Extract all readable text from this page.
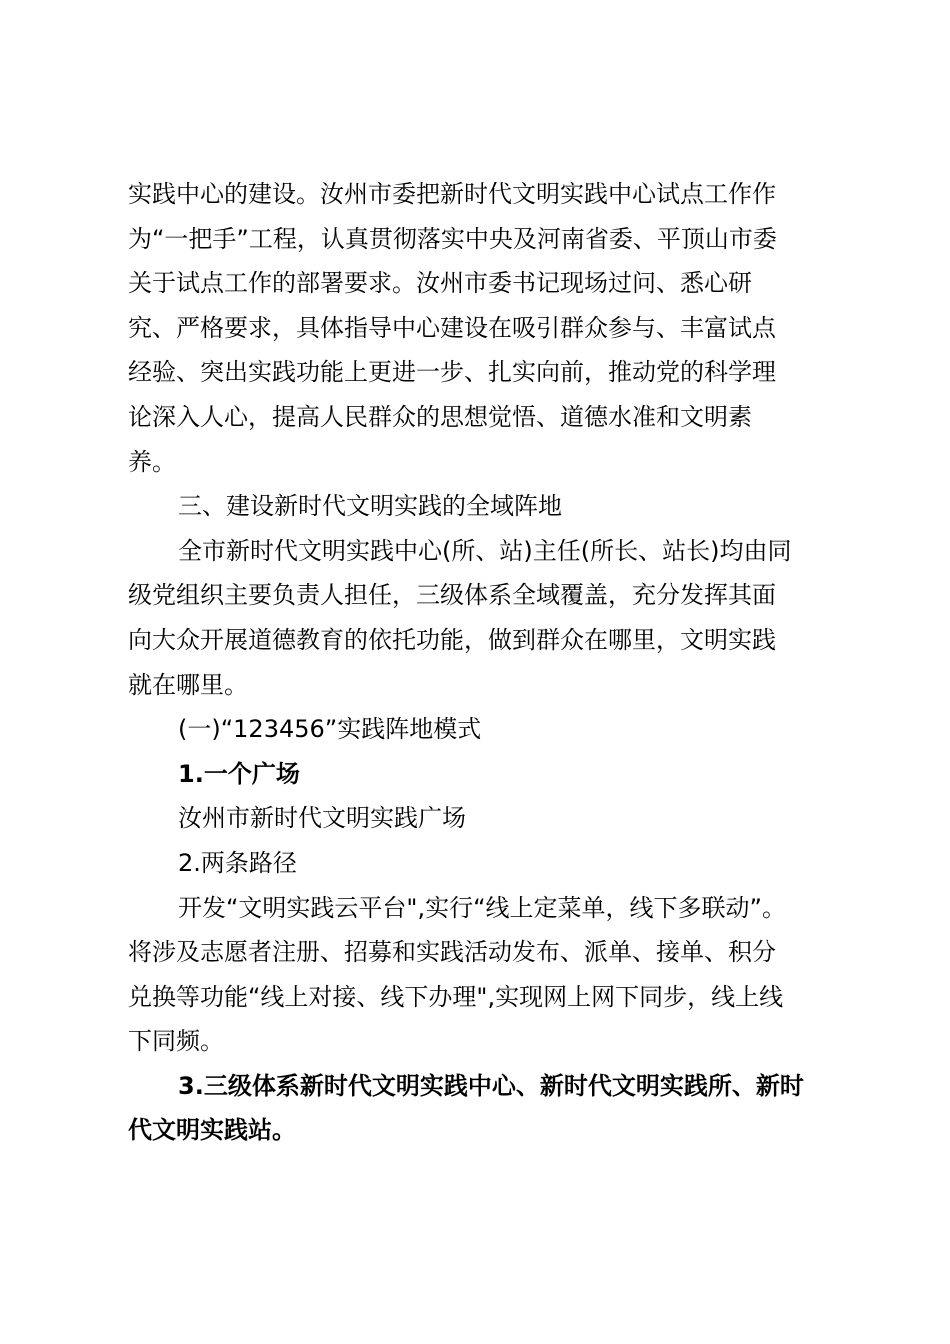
实践中心的建设。汝州市委把新时代文明实践中心试点工作作
为“一把手”工程，认真贯彻落实中央及河南省委、平顶山市委
关于试点工作的部署要求。汝州市委书记现场过问、悉心研
究、严格要求，具体指导中心建设在吸引群众参与、丰富试点
经验、突出实践功能上更进一步、扎实向前，推动党的科学理
论深入人心，提高人民群众的思想觉悟、道德水准和文明素
养。
三、建设新时代文明实践的全域阵地
全市新时代文明实践中心(所、站)主任(所长、站长)均由同
级党组织主要负责人担任，三级体系全域覆盖，充分发挥其面
向大众开展道德教育的依托功能，做到群众在哪里，文明实践
就在哪里。
(一)“123456”实践阵地模式
1.一个广场
汝州市新时代文明实践广场
2.两条路径
开发“文明实践云平台",实行“线上定菜单，线下多联动”。
将涉及志愿者注册、招募和实践活动发布、派单、接单、积分
兑换等功能“线上对接、线下办理",实现网上网下同步，线上线
下同频。
3.三级体系新时代文明实践中心、新时代文明实践所、新时
代文明实践站。
